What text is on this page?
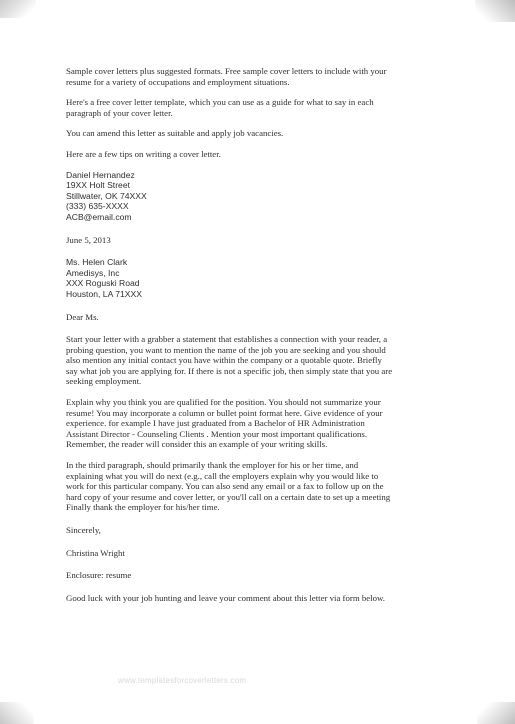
Sample cover letters plus suggested formats. Free sample cover letters to include with your
resume for a variety of occupations and employment situations.

Here's a free cover letter template, which you can use as a guide for what to say in each
paragraph of your cover letter.

You can amend this letter as suitable and apply job vacancies.

Here are a few tips on writing a cover letter.

Daniel Hernandez
19XX Holt Street
Stillwater, OK 74XXX
(333) 635-XXXX
ACB@email.com

June 5, 2013

Ms. Helen Clark
Amedisys, Inc
XXX Roguski Road
Houston, LA 71XXX

Dear Ms.

Start your letter with a grabber a statement that establishes a connection with your reader, a
probing question, you want to mention the name of the job you are seeking and you should
also mention any initial contact you have within the company or a quotable quote. Briefly
say what job you are applying for. If there is not a specific job, then simply state that you are
seeking employment.

Explain why you think you are qualified for the position. You should not summarize your
resume! You may incorporate a column or bullet point format here. Give evidence of your
experience. for example I have just graduated from a Bachelor of HR Administration
Assistant Director - Counseling Clients . Mention your most important qualifications.
Remember, the reader will consider this an example of your writing skills.

In the third paragraph, should primarily thank the employer for his or her time, and
explaining what you will do next (e.g., call the employers explain why you would like to
work for this particular company. You can also send any email or a fax to follow up on the
hard copy of your resume and cover letter, or you'll call on a certain date to set up a meeting
Finally thank the employer for his/her time.

Sincerely,

Christina Wright

Enclosure: resume

Good luck with your job hunting and leave your comment about this letter via form below.

www.templatesforcoverletters.com
